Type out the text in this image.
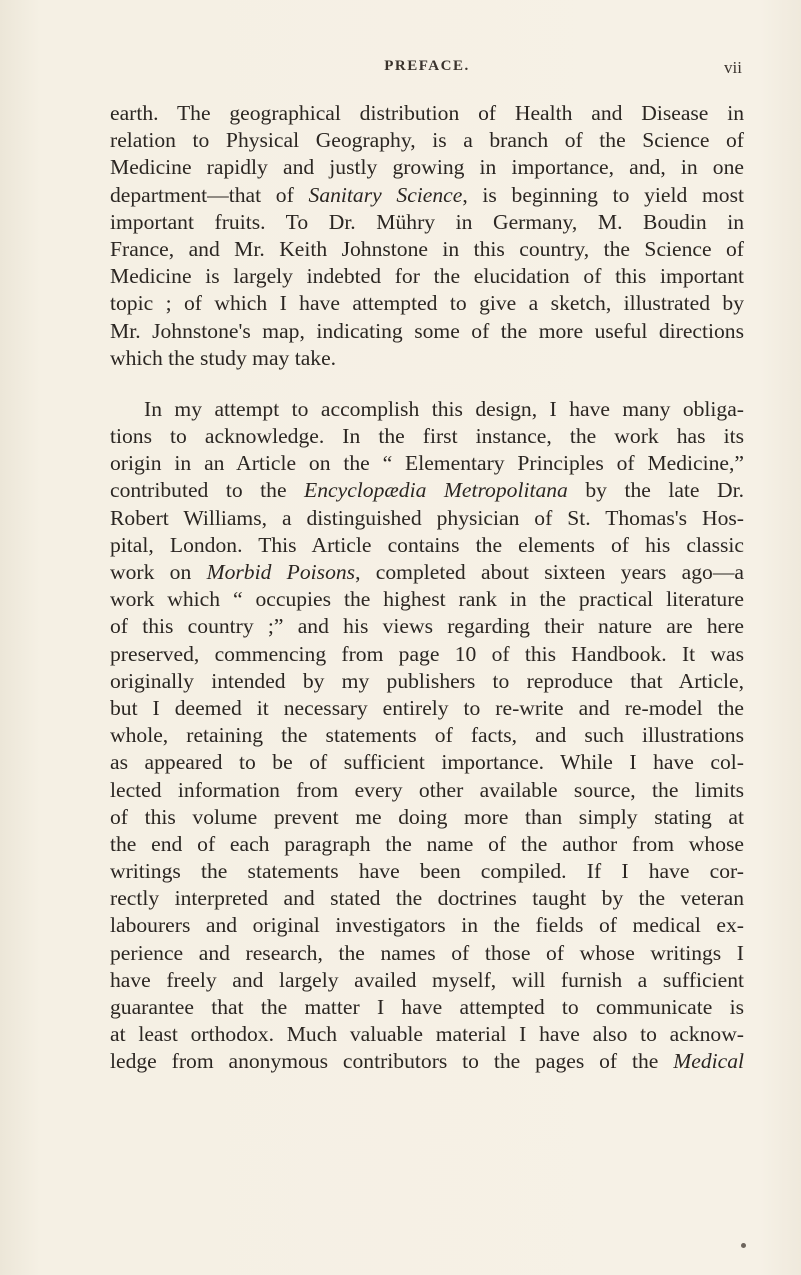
PREFACE.	vii
earth. The geographical distribution of Health and Disease in
relation to Physical Geography, is a branch of the Science of
Medicine rapidly and justly growing in importance, and, in one
department—that of Sanitary Science, is beginning to yield most
important fruits. To Dr. Mühry in Germany, M. Boudin in
France, and Mr. Keith Johnstone in this country, the Science of
Medicine is largely indebted for the elucidation of this important
topic ; of which I have attempted to give a sketch, illustrated by
Mr. Johnstone's map, indicating some of the more useful directions
which the study may take.
In my attempt to accomplish this design, I have many obliga-
tions to acknowledge. In the first instance, the work has its
origin in an Article on the “ Elementary Principles of Medicine,”
contributed to the Encyclopædia Metropolitana by the late Dr.
Robert Williams, a distinguished physician of St. Thomas's Hos-
pital, London. This Article contains the elements of his classic
work on Morbid Poisons, completed about sixteen years ago—a
work which “ occupies the highest rank in the practical literature
of this country ;” and his views regarding their nature are here
preserved, commencing from page 10 of this Handbook. It was
originally intended by my publishers to reproduce that Article,
but I deemed it necessary entirely to re-write and re-model the
whole, retaining the statements of facts, and such illustrations
as appeared to be of sufficient importance. While I have col-
lected information from every other available source, the limits
of this volume prevent me doing more than simply stating at
the end of each paragraph the name of the author from whose
writings the statements have been compiled. If I have cor-
rectly interpreted and stated the doctrines taught by the veteran
labourers and original investigators in the fields of medical ex-
perience and research, the names of those of whose writings I
have freely and largely availed myself, will furnish a sufficient
guarantee that the matter I have attempted to communicate is
at least orthodox. Much valuable material I have also to acknow-
ledge from anonymous contributors to the pages of the Medical
